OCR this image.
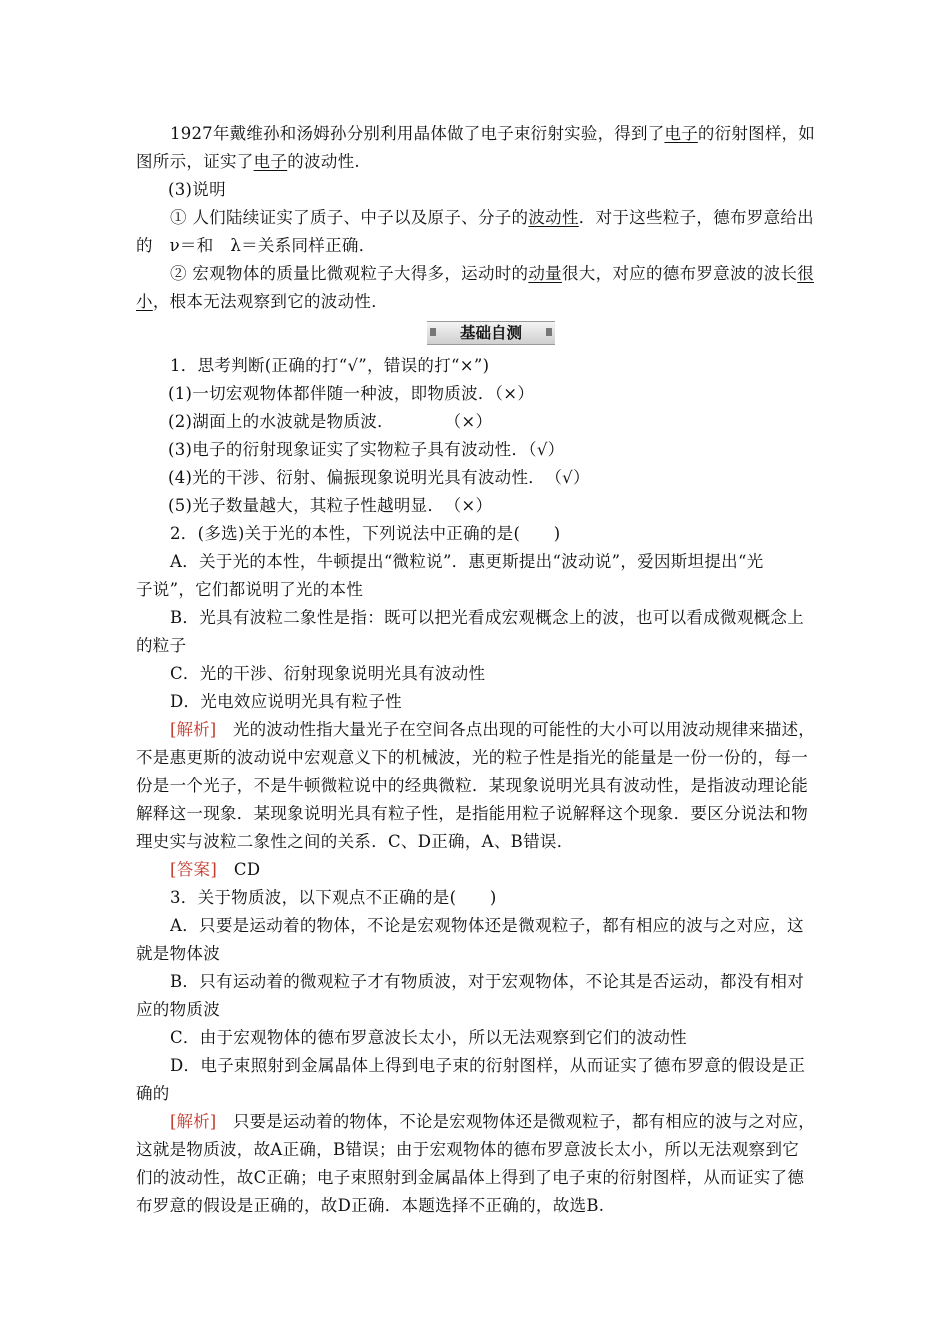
1927年戴维孙和汤姆孙分别利用晶体做了电子束衍射实验，得到了电子的衍射图样，如
图所示，证实了电子的波动性.
(3)说明
① 人们陆续证实了质子、中子以及原子、分子的波动性．对于这些粒子，德布罗意给出
的　ν＝和　λ＝关系同样正确．
② 宏观物体的质量比微观粒子大得多，运动时的动量很大，对应的德布罗意波的波长很
小，根本无法观察到它的波动性．
基础自测
1．思考判断(正确的打“√”，错误的打“×”)
(1)一切宏观物体都伴随一种波，即物质波．（×）
(2)湖面上的水波就是物质波．　　　　（×）
(3)电子的衍射现象证实了实物粒子具有波动性．（√）
(4)光的干涉、衍射、偏振现象说明光具有波动性．　（√）
(5)光子数量越大，其粒子性越明显．　（×）
2．(多选)关于光的本性，下列说法中正确的是(　　)
A．关于光的本性，牛顿提出“微粒说”．惠更斯提出“波动说”，爱因斯坦提出“光
子说”，它们都说明了光的本性
B．光具有波粒二象性是指：既可以把光看成宏观概念上的波，也可以看成微观概念上
的粒子
C．光的干涉、衍射现象说明光具有波动性
D．光电效应说明光具有粒子性
[解析]　 光的波动性指大量光子在空间各点出现的可能性的大小可以用波动规律来描述，
不是惠更斯的波动说中宏观意义下的机械波，光的粒子性是指光的能量是一份一份的，每一
份是一个光子，不是牛顿微粒说中的经典微粒．某现象说明光具有波动性，是指波动理论能
解释这一现象．某现象说明光具有粒子性，是指能用粒子说解释这个现象．要区分说法和物
理史实与波粒二象性之间的关系．C、D正确，A、B错误．
[答案]　 CD
3．关于物质波，以下观点不正确的是(　　)
A．只要是运动着的物体，不论是宏观物体还是微观粒子，都有相应的波与之对应，这
就是物体波
B．只有运动着的微观粒子才有物质波，对于宏观物体，不论其是否运动，都没有相对
应的物质波
C．由于宏观物体的德布罗意波长太小，所以无法观察到它们的波动性
D．电子束照射到金属晶体上得到电子束的衍射图样，从而证实了德布罗意的假设是正
确的
[解析]　 只要是运动着的物体，不论是宏观物体还是微观粒子，都有相应的波与之对应，
这就是物质波，故A正确，B错误；由于宏观物体的德布罗意波长太小，所以无法观察到它
们的波动性，故C正确；电子束照射到金属晶体上得到了电子束的衍射图样，从而证实了德
布罗意的假设是正确的，故D正确．本题选择不正确的，故选B.
